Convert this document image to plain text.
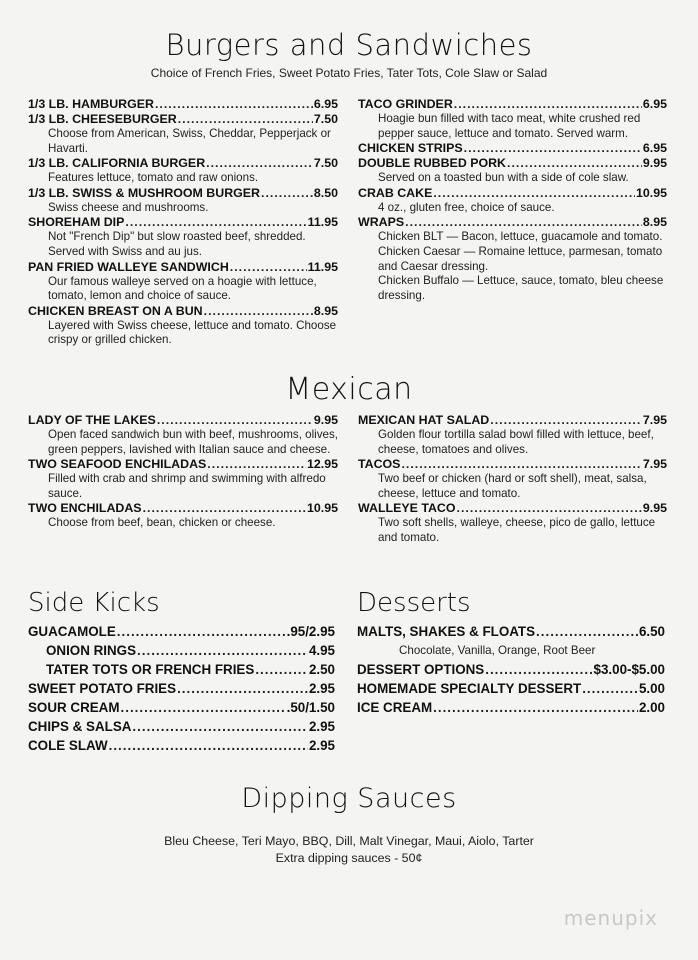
Burgers and Sandwiches
Choice of French Fries, Sweet Potato Fries, Tater Tots, Cole Slaw or Salad
1/3 LB. HAMBURGER .....	6.95
1/3 LB. CHEESEBURGER .....	7.50
Choose from American, Swiss, Cheddar, Pepperjack or Havarti.
1/3 LB. CALIFORNIA BURGER .....	7.50
Features lettuce, tomato and raw onions.
1/3 LB. SWISS & MUSHROOM BURGER .....	8.50
Swiss cheese and mushrooms.
SHOREHAM DIP .....	11.95
Not "French Dip" but slow roasted beef, shredded. Served with Swiss and au jus.
PAN FRIED WALLEYE SANDWICH .....	11.95
Our famous walleye served on a hoagie with lettuce, tomato, lemon and choice of sauce.
CHICKEN BREAST ON A BUN .....	8.95
Layered with Swiss cheese, lettuce and tomato. Choose crispy or grilled chicken.
TACO GRINDER .....	6.95
Hoagie bun filled with taco meat, white crushed red pepper sauce, lettuce and tomato. Served warm.
CHICKEN STRIPS .....	6.95
DOUBLE RUBBED PORK .....	9.95
Served on a toasted bun with a side of cole slaw.
CRAB CAKE .....	10.95
4 oz., gluten free, choice of sauce.
WRAPS .....	8.95
Chicken BLT — Bacon, lettuce, guacamole and tomato.
Chicken Caesar — Romaine lettuce, parmesan, tomato and Caesar dressing.
Chicken Buffalo — Lettuce, sauce, tomato, bleu cheese dressing.
Mexican
LADY OF THE LAKES .....	9.95
Open faced sandwich bun with beef, mushrooms, olives, green peppers, lavished with Italian sauce and cheese.
TWO SEAFOOD ENCHILADAS .....	12.95
Filled with crab and shrimp and swimming with alfredo sauce.
TWO ENCHILADAS .....	10.95
Choose from beef, bean, chicken or cheese.
MEXICAN HAT SALAD .....	7.95
Golden flour tortilla salad bowl filled with lettuce, beef, cheese, tomatoes and olives.
TACOS .....	7.95
Two beef or chicken (hard or soft shell), meat, salsa, cheese, lettuce and tomato.
WALLEYE TACO .....	9.95
Two soft shells, walleye, cheese, pico de gallo, lettuce and tomato.
Side Kicks
GUACAMOLE .....	.95/2.95
ONION RINGS .....	4.95
TATER TOTS OR FRENCH FRIES .....	2.50
SWEET POTATO FRIES .....	2.95
SOUR CREAM .....	.50/1.50
CHIPS & SALSA .....	2.95
COLE SLAW .....	2.95
Desserts
MALTS, SHAKES & FLOATS .....	6.50
Chocolate, Vanilla, Orange, Root Beer
DESSERT OPTIONS .....	$3.00-$5.00
HOMEMADE SPECIALTY DESSERT .....	5.00
ICE CREAM .....	2.00
Dipping Sauces
Bleu Cheese, Teri Mayo, BBQ, Dill, Malt Vinegar, Maui, Aiolo, Tarter
Extra dipping sauces - 50¢
menupix
